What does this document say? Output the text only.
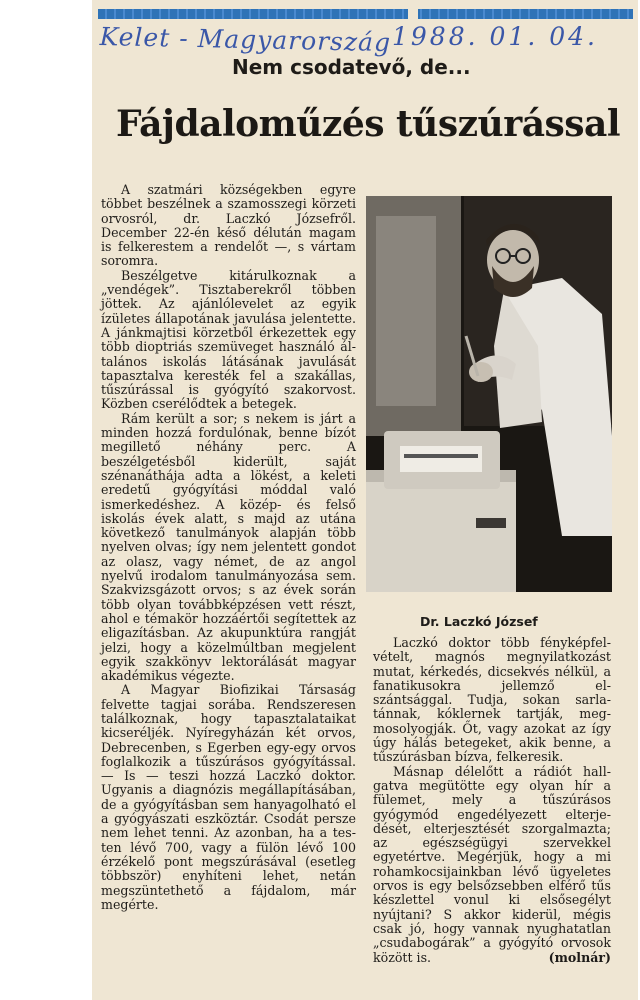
Kelet - Magyarország 1988. 01. 04.
Nem csodatevő, de...
Fájdaloműzés tűszúrással

A szatmári községekben egyre többet beszélnek a szamosszegi körzeti orvosról, dr. Laczkó Józsefről. December 22-én késő délután magam is felkerestem a rendelőt —, s vártam soromra.

Beszélgetve kitárulkoznak a „vendégek”. Tisztaberekről többen jöttek. Az ajánlólevelet az egyik ízületes állapotának javulása jelentette. A jánkmajtisi körzetből érkezettek egy több dioptriás szemüveget használó általános iskolás látásának javulását tapasztalva keresték fel a szakállas, tűszúrással is gyógyító szakorvost. Közben cserélődtek a betegek.

Rám került a sor; s nekem is járt a minden hozzá fordulónak, benne bízót megillető néhány perc. A beszélgetésből kiderült, saját szénanáthája adta a lökést, a keleti eredetű gyógyítási móddal való ismerkedéshez. A közép- és felső iskolás évek alatt, s majd az utána következő tanulmányok alapján több nyelven olvas; így nem jelentett gondot az olasz, vagy német, de az angol nyelvű irodalom tanulmányozása sem. Szakvizsgázott orvos; s az évek során több olyan továbbképzésen vett részt, ahol e témakör hozzáértői segítettek az eligazításban. Az akupunktúra rangját jelzi, hogy a közelmúltban megjelent egyik szakkönyv lektorálását magyar akadémikus végezte.

A Magyar Biofizikai Társaság felvette tagjai sorába. Rendszeresen találkoznak, hogy tapasztalataikat kicseréljék. Nyíregyházán két orvos, Debrecenben, s Egerben egy-egy orvos foglalkozik a tűszúrásos gyógyítással. — Is — teszi hozzá Laczkó doktor. Ugyanis a diagnózis megállapításában, de a gyógyításban sem hanyagolható el a gyógyászati eszköztár. Csodát persze nem lehet tenni. Az azonban, ha a testen lévő 700, vagy a fülön lévő 100 érzékelő pont megszúrásával (esetleg többször) enyhíteni lehet, netán megszüntethető a fájdalom, már megérte.

Dr. Laczkó József

Laczkó doktor több fényképfelvételt, magnós megnyilatkozást mutat, kérkedés, dicsekvés nélkül, a fanatikusokra jellemző elszántsággal. Tudja, sokan sarlatánnak, kóklernek tartják, megmosolyogják. Őt, vagy azokat az így úgy hálás betegeket, akik benne, a tűszúrásban bízva, felkeresik.

Másnap délelőtt a rádiót hallgatva megütötte egy olyan hír a fülemet, mely a tűszúrásos gyógymód engedélyezett elterjedését, elterjesztését szorgalmazta; az egészségügyi szervekkel egyetértve. Megérjük, hogy a mi rohamkocsijainkban lévő ügyeletes orvos is egy belsőzsebben elférő tűs készlettel vonul ki elsősegélyt nyújtani? S akkor kiderül, mégis csak jó, hogy vannak nyughatatlan „csudabogárak” a gyógyító orvosok között is.	(molnár)
